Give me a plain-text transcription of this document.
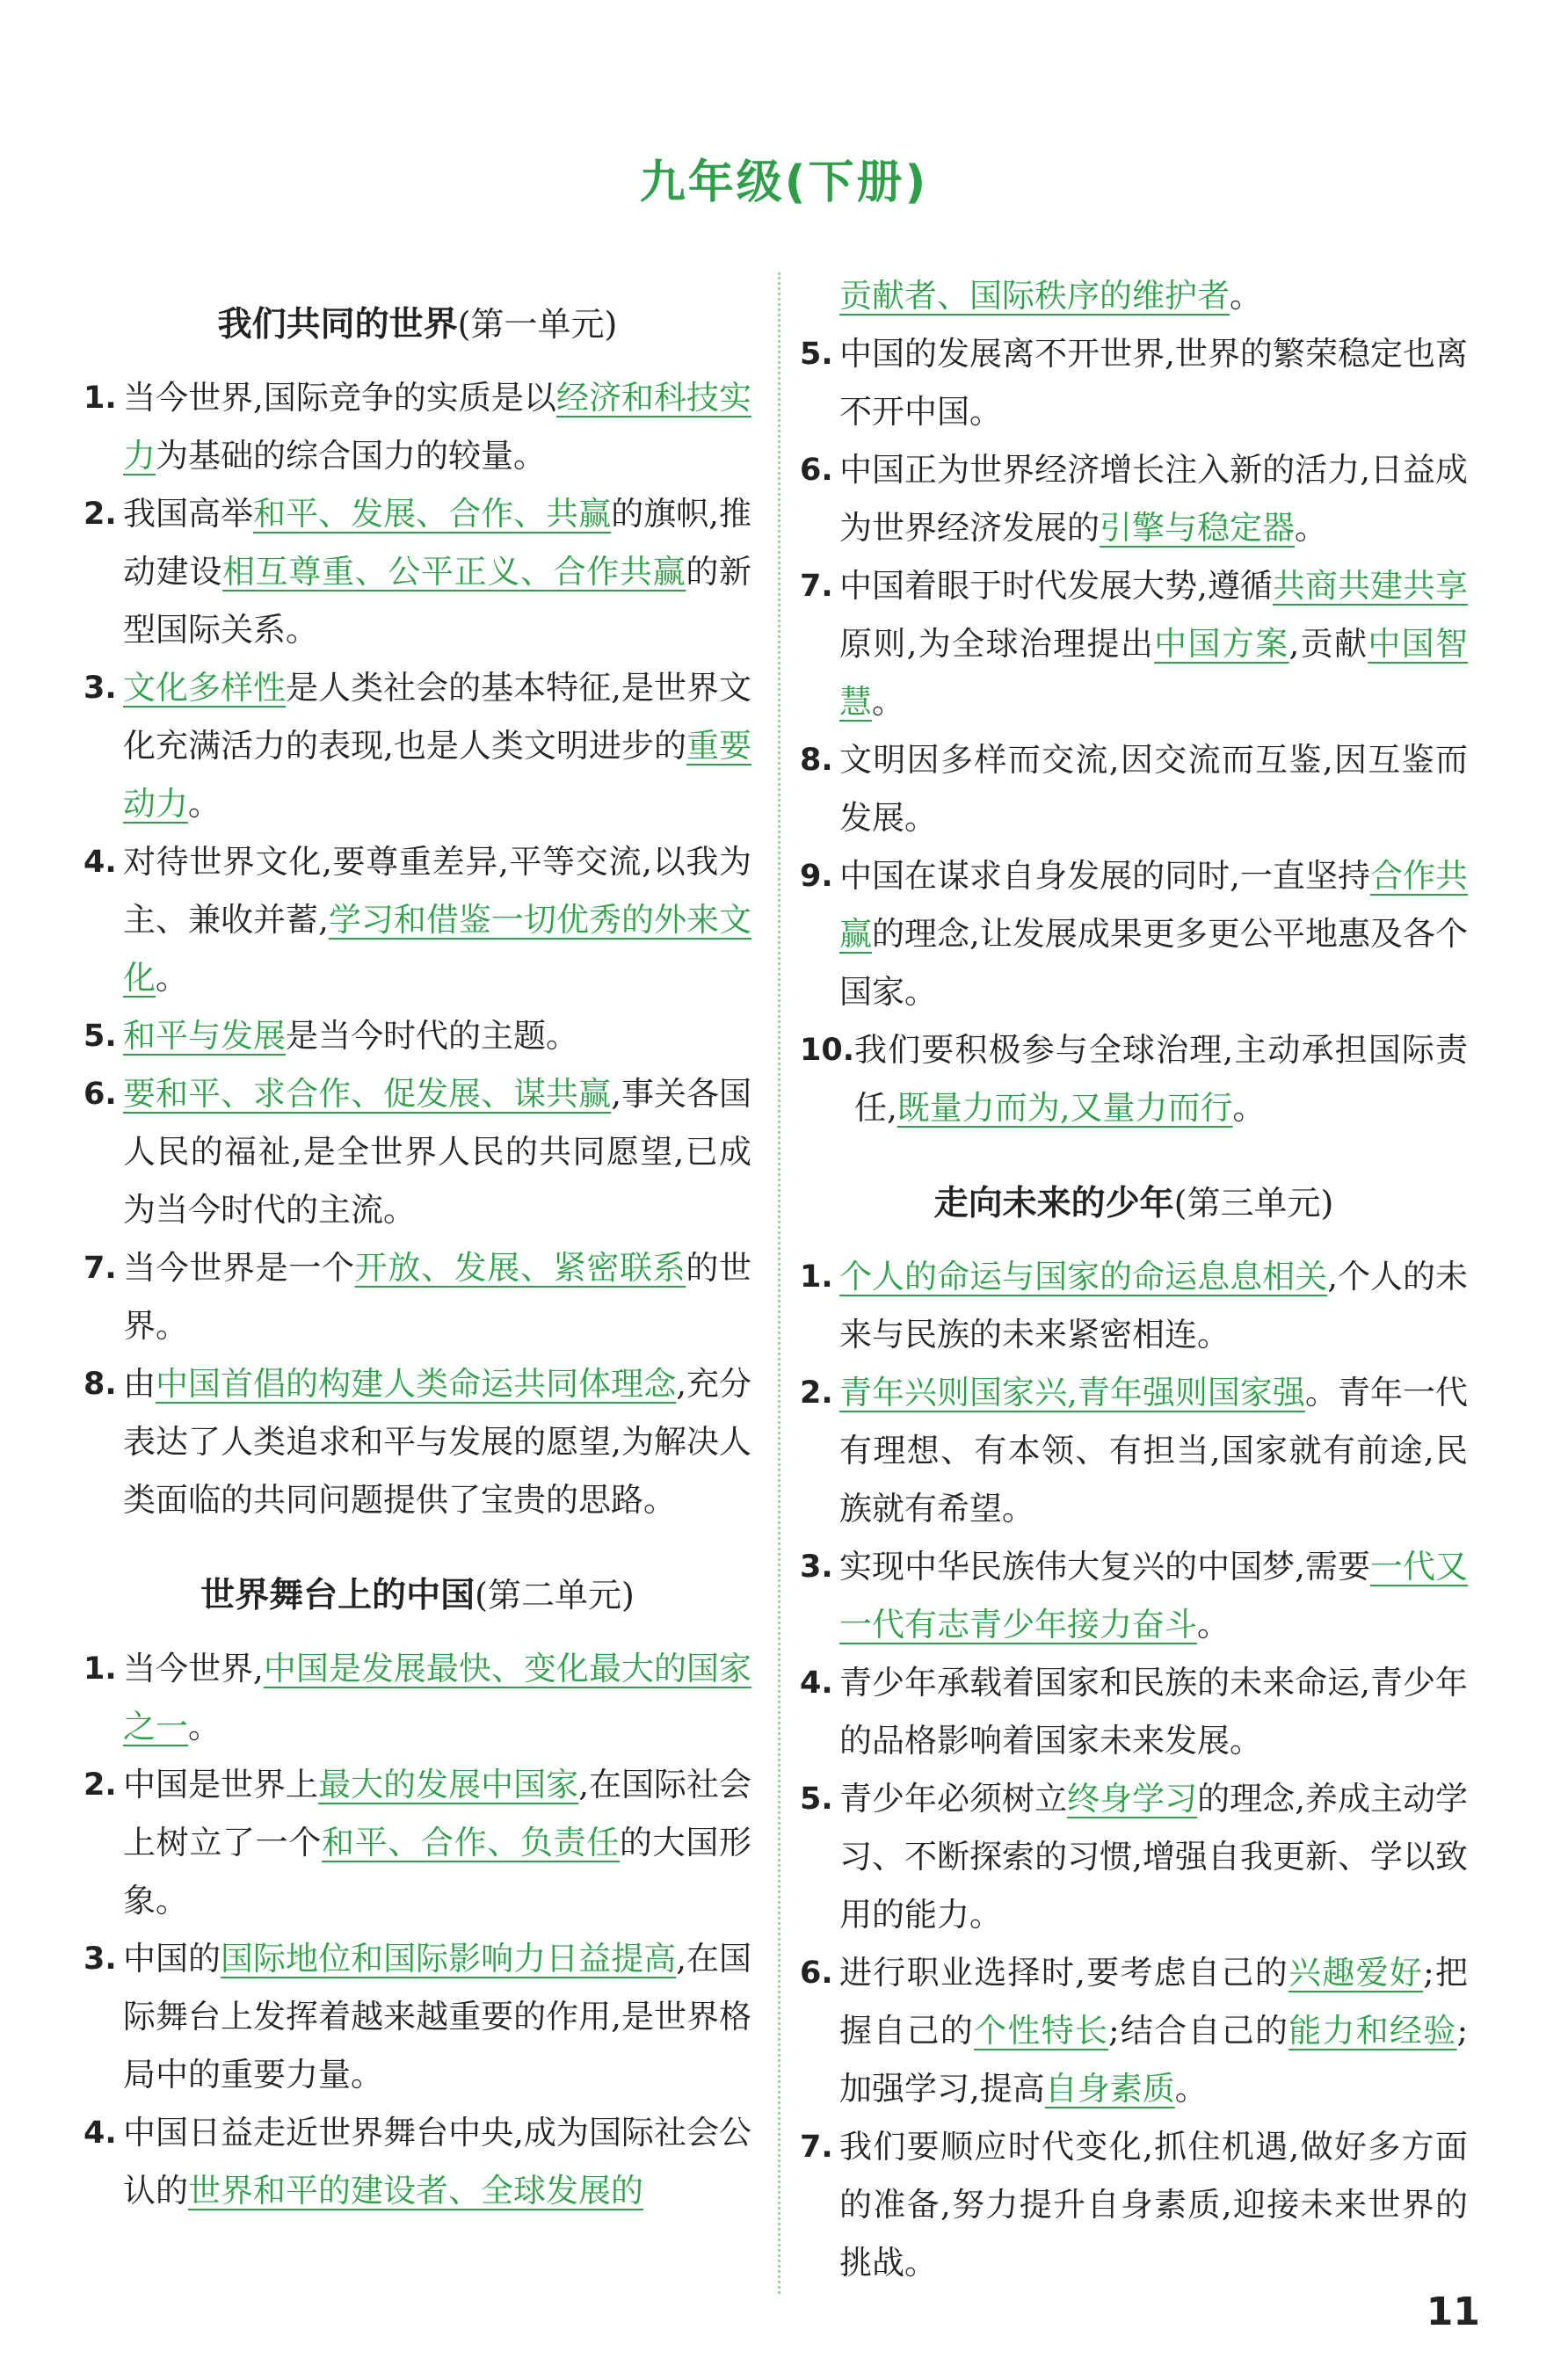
九年级(下册)
我们共同的世界(第一单元)
1. 当今世界,国际竞争的实质是以经济和科技实力为基础的综合国力的较量。
2. 我国高举和平、发展、合作、共赢的旗帜,推动建设相互尊重、公平正义、合作共赢的新型国际关系。
3. 文化多样性是人类社会的基本特征,是世界文化充满活力的表现,也是人类文明进步的重要动力。
4. 对待世界文化,要尊重差异,平等交流,以我为主、兼收并蓄,学习和借鉴一切优秀的外来文化。
5. 和平与发展是当今时代的主题。
6. 要和平、求合作、促发展、谋共赢,事关各国人民的福祉,是全世界人民的共同愿望,已成为当今时代的主流。
7. 当今世界是一个开放、发展、紧密联系的世界。
8. 由中国首倡的构建人类命运共同体理念,充分表达了人类追求和平与发展的愿望,为解决人类面临的共同问题提供了宝贵的思路。
世界舞台上的中国(第二单元)
1. 当今世界,中国是发展最快、变化最大的国家之一。
2. 中国是世界上最大的发展中国家,在国际社会上树立了一个和平、合作、负责任的大国形象。
3. 中国的国际地位和国际影响力日益提高,在国际舞台上发挥着越来越重要的作用,是世界格局中的重要力量。
4. 中国日益走近世界舞台中央,成为国际社会公认的世界和平的建设者、全球发展的
贡献者、国际秩序的维护者。
5. 中国的发展离不开世界,世界的繁荣稳定也离不开中国。
6. 中国正为世界经济增长注入新的活力,日益成为世界经济发展的引擎与稳定器。
7. 中国着眼于时代发展大势,遵循共商共建共享原则,为全球治理提出中国方案,贡献中国智慧。
8. 文明因多样而交流,因交流而互鉴,因互鉴而发展。
9. 中国在谋求自身发展的同时,一直坚持合作共赢的理念,让发展成果更多更公平地惠及各个国家。
10. 我们要积极参与全球治理,主动承担国际责任,既量力而为,又量力而行。
走向未来的少年(第三单元)
1. 个人的命运与国家的命运息息相关,个人的未来与民族的未来紧密相连。
2. 青年兴则国家兴,青年强则国家强。青年一代有理想、有本领、有担当,国家就有前途,民族就有希望。
3. 实现中华民族伟大复兴的中国梦,需要一代又一代有志青少年接力奋斗。
4. 青少年承载着国家和民族的未来命运,青少年的品格影响着国家未来发展。
5. 青少年必须树立终身学习的理念,养成主动学习、不断探索的习惯,增强自我更新、学以致用的能力。
6. 进行职业选择时,要考虑自己的兴趣爱好;把握自己的个性特长;结合自己的能力和经验;加强学习,提高自身素质。
7. 我们要顺应时代变化,抓住机遇,做好多方面的准备,努力提升自身素质,迎接未来世界的挑战。
11
